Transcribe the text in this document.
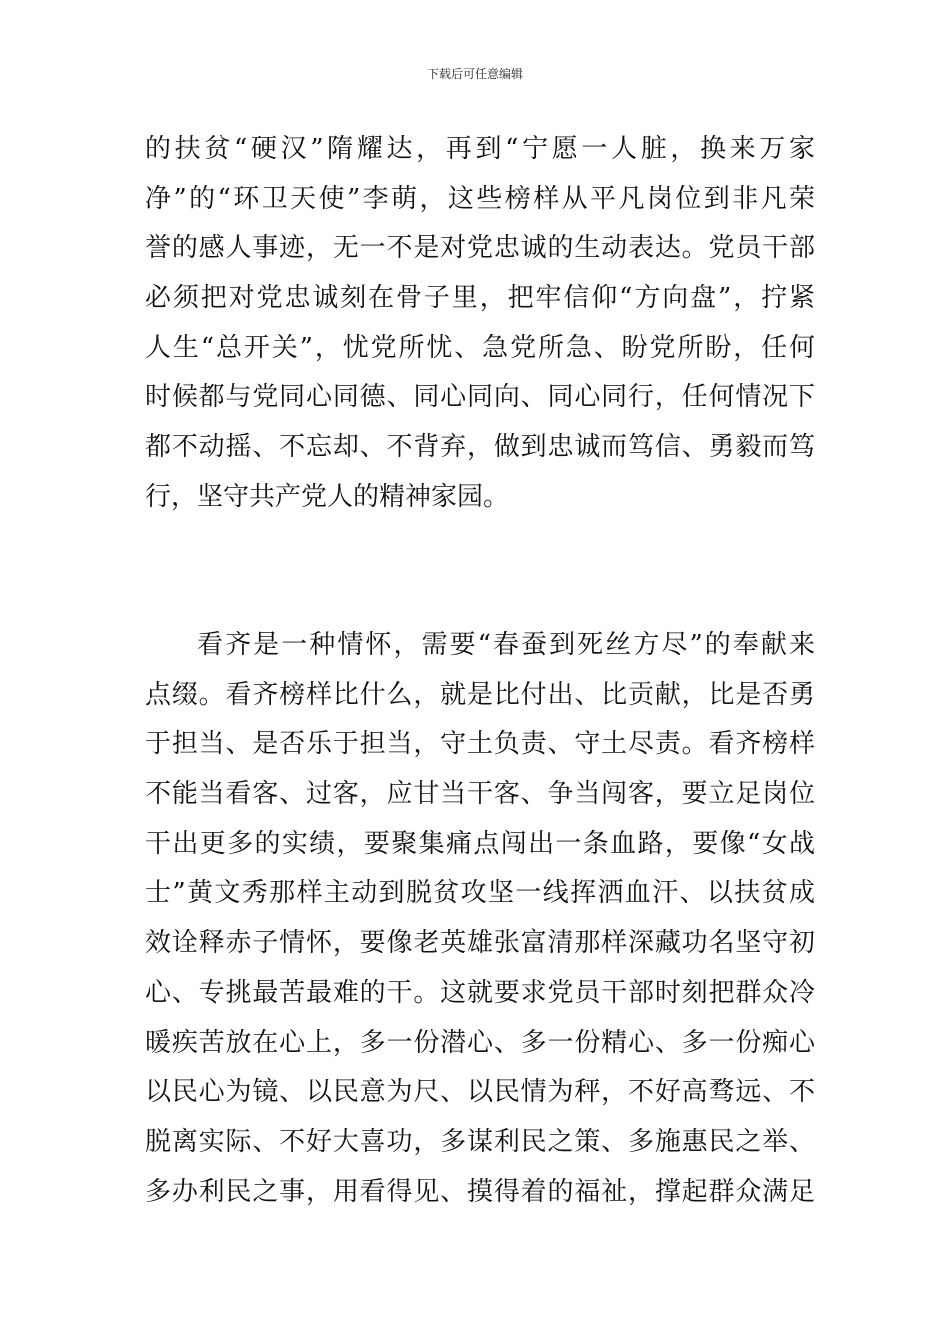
下载后可任意编辑
的扶贫“硬汉”隋耀达，再到“宁愿一人脏，换来万家
净”的“环卫天使”李萌，这些榜样从平凡岗位到非凡荣
誉的感人事迹，无一不是对党忠诚的生动表达。党员干部
必须把对党忠诚刻在骨子里，把牢信仰“方向盘”，拧紧
人生“总开关”，忧党所忧、急党所急、盼党所盼，任何
时候都与党同心同德、同心同向、同心同行，任何情况下
都不动摇、不忘却、不背弃，做到忠诚而笃信、勇毅而笃
行，坚守共产党人的精神家园。
看齐是一种情怀，需要“春蚕到死丝方尽”的奉献来
点缀。看齐榜样比什么，就是比付出、比贡献，比是否勇
于担当、是否乐于担当，守土负责、守土尽责。看齐榜样
不能当看客、过客，应甘当干客、争当闯客，要立足岗位
干出更多的实绩，要聚集痛点闯出一条血路，要像“女战
士”黄文秀那样主动到脱贫攻坚一线挥洒血汗、以扶贫成
效诠释赤子情怀，要像老英雄张富清那样深藏功名坚守初
心、专挑最苦最难的干。这就要求党员干部时刻把群众冷
暖疾苦放在心上，多一份潜心、多一份精心、多一份痴心
以民心为镜、以民意为尺、以民情为秤，不好高骛远、不
脱离实际、不好大喜功，多谋利民之策、多施惠民之举、
多办利民之事，用看得见、摸得着的福祉，撑起群众满足
